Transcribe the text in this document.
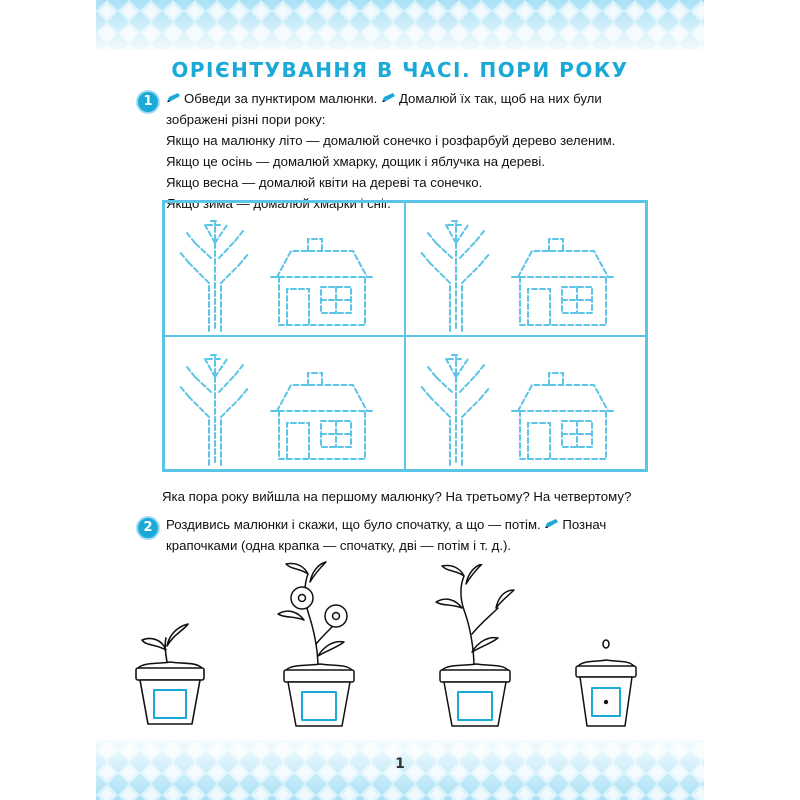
ОРІЄНТУВАННЯ В ЧАСІ. ПОРИ РОКУ
1	Обведи за пунктиром малюнки. Домалюй їх так, щоб на них були

зображені різні пори року:

Якщо на малюнку літо — домалюй сонечко і розфарбуй дерево зеленим.

Якщо це осінь — домалюй хмарку, дощик і яблучка на дереві.

Якщо весна — домалюй квіти на дереві та сонечко.

Якщо зима — домалюй хмарки і сніг.

Яка пора року вийшла на першому малюнку? На третьому? На четвертому?
2	Роздивись малюнки і скажи, що було спочатку, а що — потім. Познач

крапочками (одна крапка — спочатку, дві — потім і т. д.).

1
